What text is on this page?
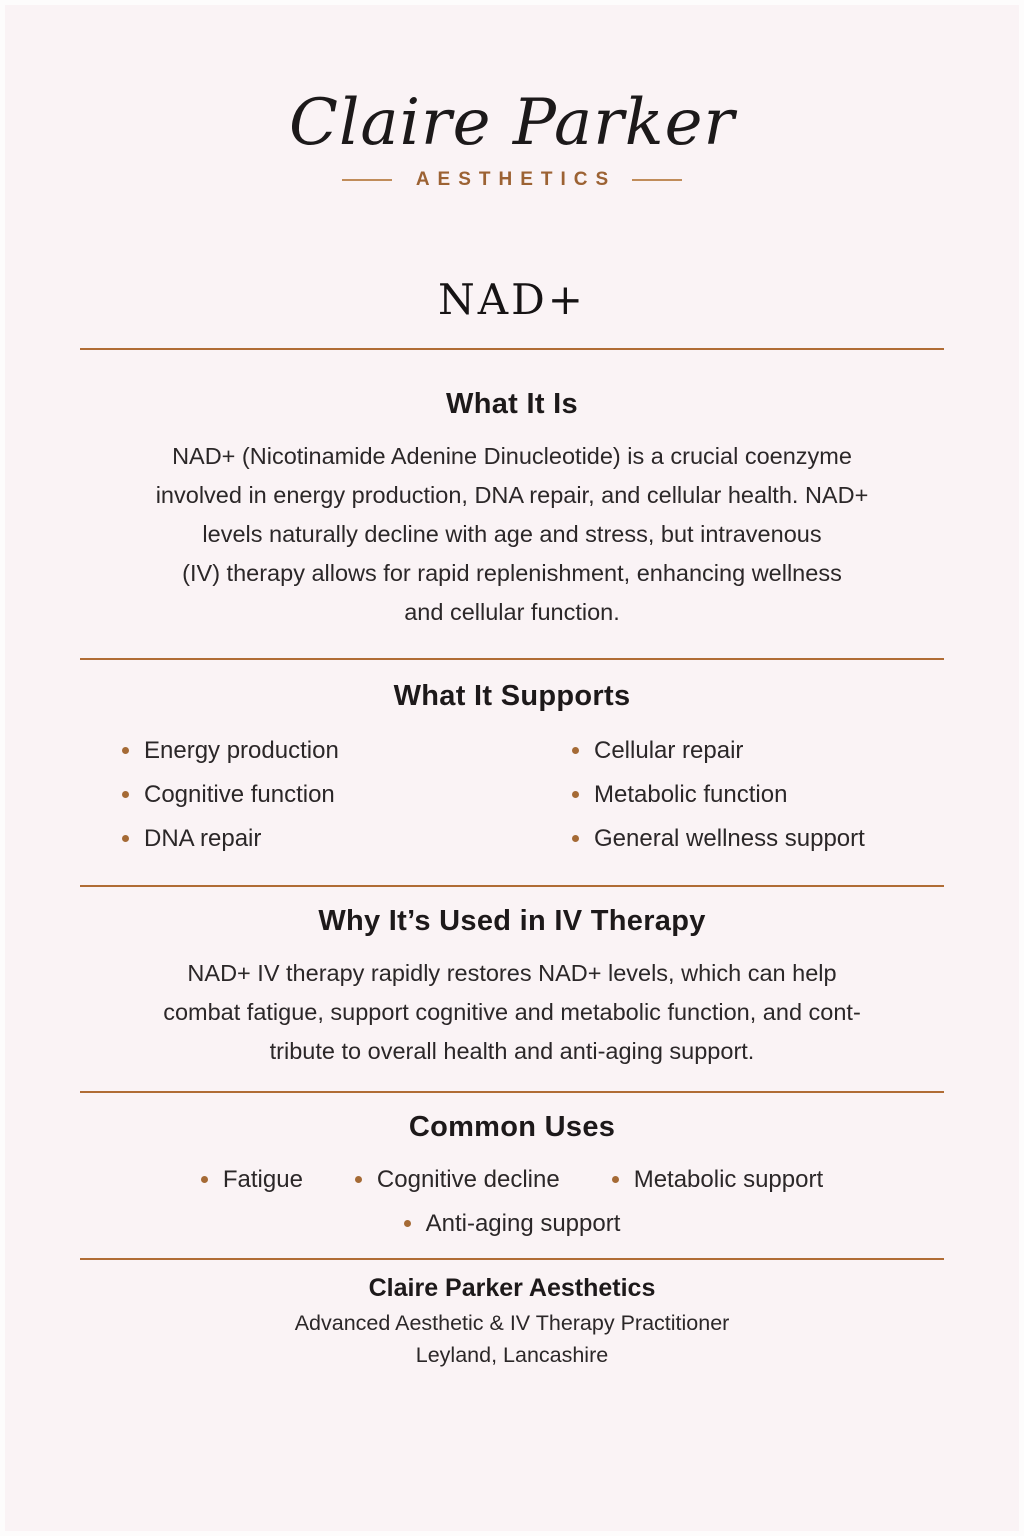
Claire Parker
AESTHETICS
NAD+
What It Is
NAD+ (Nicotinamide Adenine Dinucleotide) is a crucial coenzyme
involved in energy production, DNA repair, and cellular health. NAD+
levels naturally decline with age and stress, but intravenous
(IV) therapy allows for rapid replenishment, enhancing wellness
and cellular function.
What It Supports
Energy production
Cognitive function
DNA repair
Cellular repair
Metabolic function
General wellness support
Why It’s Used in IV Therapy
NAD+ IV therapy rapidly restores NAD+ levels, which can help
combat fatigue, support cognitive and metabolic function, and cont-
tribute to overall health and anti-aging support.
Common Uses
Fatigue	Cognitive decline	Metabolic support
Anti-aging support
Claire Parker Aesthetics
Advanced Aesthetic & IV Therapy Practitioner
Leyland, Lancashire
